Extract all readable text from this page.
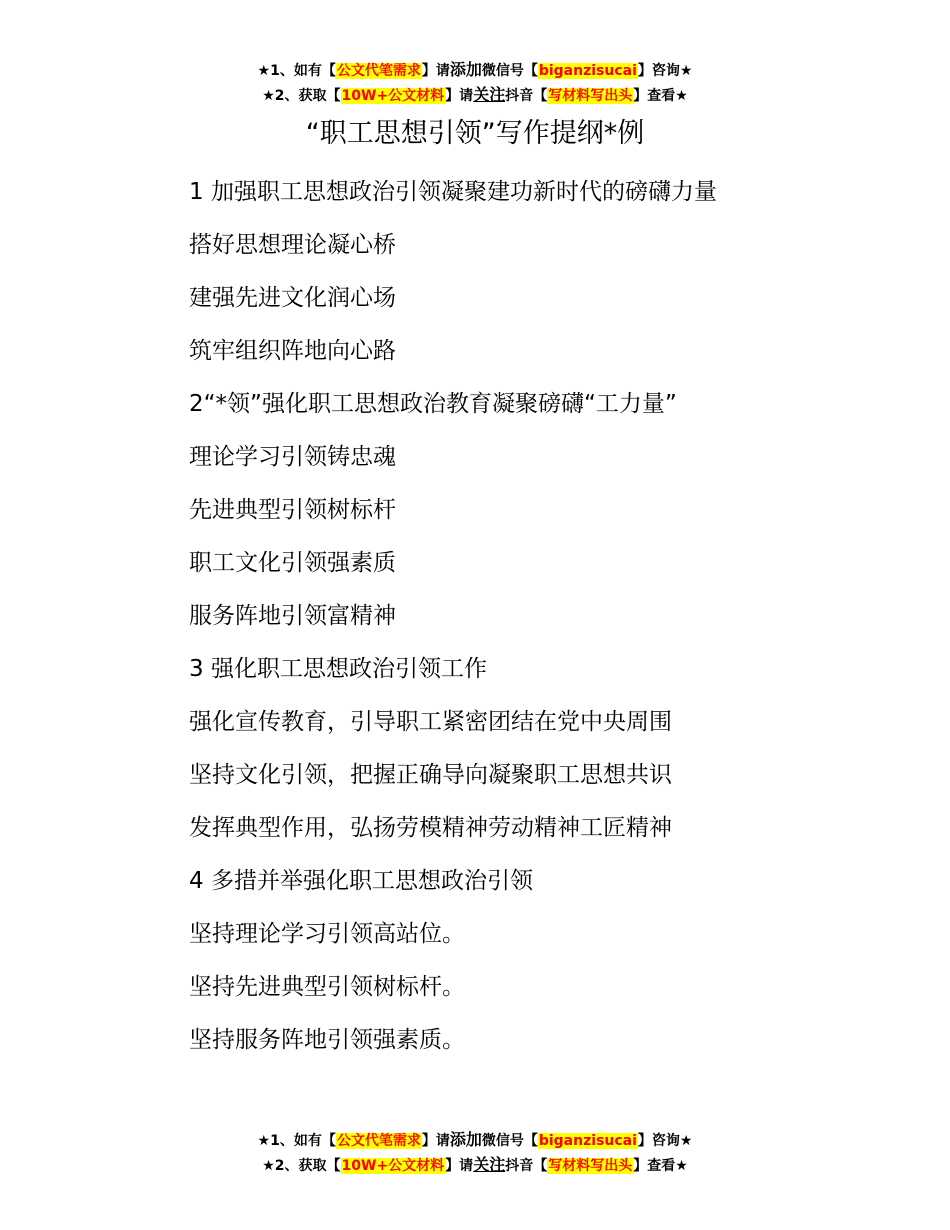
★1、如有【公文代笔需求】请添加微信号【biganzisucai】咨询★
★2、获取【10W+公文材料】请关注抖音【写材料写出头】查看★
“职工思想引领”写作提纲*例
1 加强职工思想政治引领凝聚建功新时代的磅礴力量
搭好思想理论凝心桥
建强先进文化润心场
筑牢组织阵地向心路
2“*领”强化职工思想政治教育凝聚磅礴“工力量”
理论学习引领铸忠魂
先进典型引领树标杆
职工文化引领强素质
服务阵地引领富精神
3 强化职工思想政治引领工作
强化宣传教育，引导职工紧密团结在党中央周围
坚持文化引领，把握正确导向凝聚职工思想共识
发挥典型作用，弘扬劳模精神劳动精神工匠精神
4 多措并举强化职工思想政治引领
坚持理论学习引领高站位。
坚持先进典型引领树标杆。
坚持服务阵地引领强素质。
★1、如有【公文代笔需求】请添加微信号【biganzisucai】咨询★
★2、获取【10W+公文材料】请关注抖音【写材料写出头】查看★
